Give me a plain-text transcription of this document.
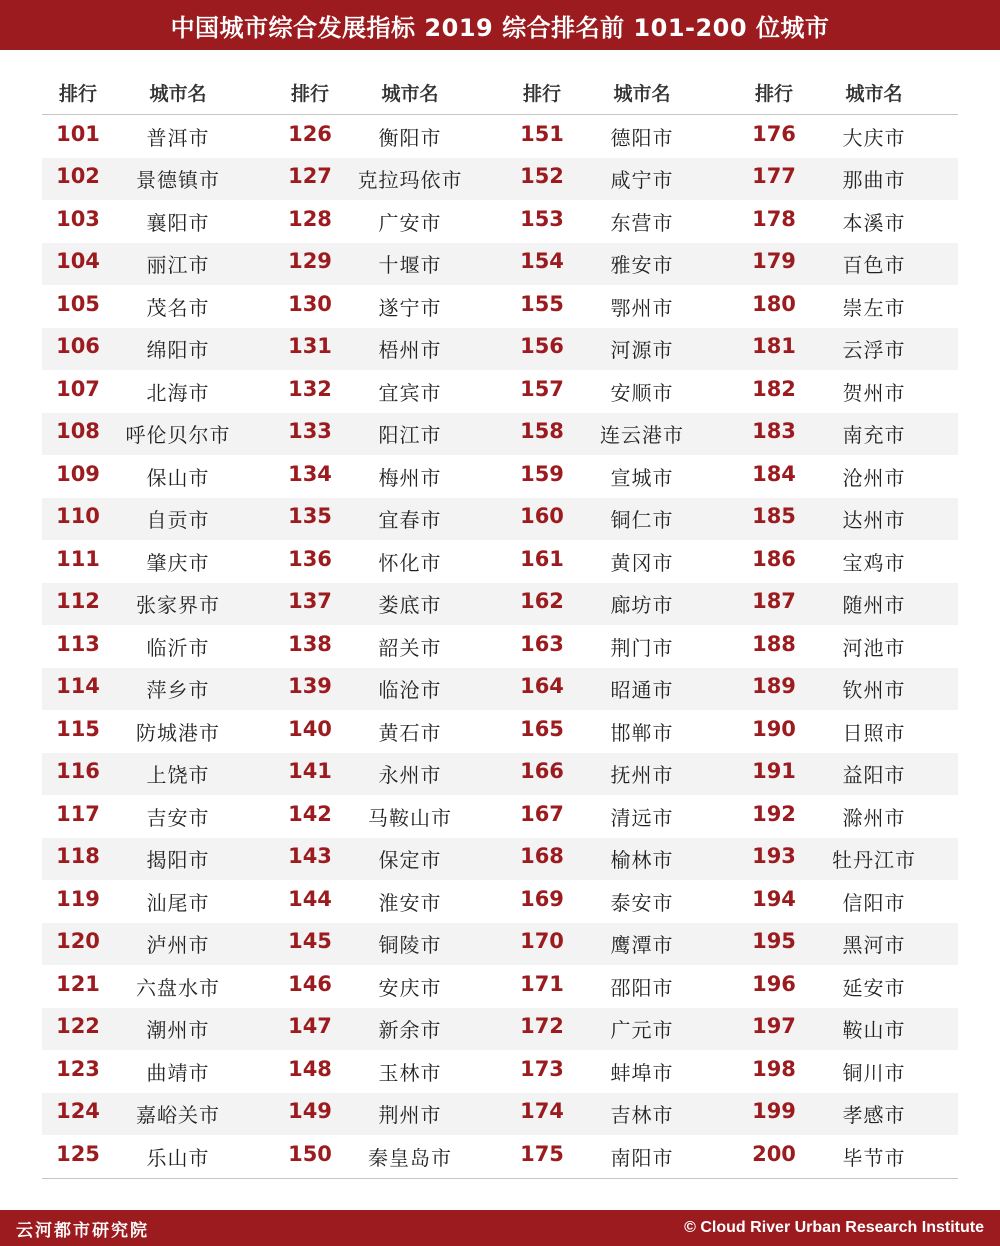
中国城市综合发展指标 2019 综合排名前 101-200 位城市
排行	城市名	排行	城市名	排行	城市名	排行	城市名
101	普洱市	126	衡阳市	151	德阳市	176	大庆市
102	景德镇市	127	克拉玛依市	152	咸宁市	177	那曲市
103	襄阳市	128	广安市	153	东营市	178	本溪市
104	丽江市	129	十堰市	154	雅安市	179	百色市
105	茂名市	130	遂宁市	155	鄂州市	180	崇左市
106	绵阳市	131	梧州市	156	河源市	181	云浮市
107	北海市	132	宜宾市	157	安顺市	182	贺州市
108	呼伦贝尔市	133	阳江市	158	连云港市	183	南充市
109	保山市	134	梅州市	159	宣城市	184	沧州市
110	自贡市	135	宜春市	160	铜仁市	185	达州市
111	肇庆市	136	怀化市	161	黄冈市	186	宝鸡市
112	张家界市	137	娄底市	162	廊坊市	187	随州市
113	临沂市	138	韶关市	163	荆门市	188	河池市
114	萍乡市	139	临沧市	164	昭通市	189	钦州市
115	防城港市	140	黄石市	165	邯郸市	190	日照市
116	上饶市	141	永州市	166	抚州市	191	益阳市
117	吉安市	142	马鞍山市	167	清远市	192	滁州市
118	揭阳市	143	保定市	168	榆林市	193	牡丹江市
119	汕尾市	144	淮安市	169	泰安市	194	信阳市
120	泸州市	145	铜陵市	170	鹰潭市	195	黑河市
121	六盘水市	146	安庆市	171	邵阳市	196	延安市
122	潮州市	147	新余市	172	广元市	197	鞍山市
123	曲靖市	148	玉林市	173	蚌埠市	198	铜川市
124	嘉峪关市	149	荆州市	174	吉林市	199	孝感市
125	乐山市	150	秦皇岛市	175	南阳市	200	毕节市
云河都市研究院	© Cloud River Urban Research Institute
